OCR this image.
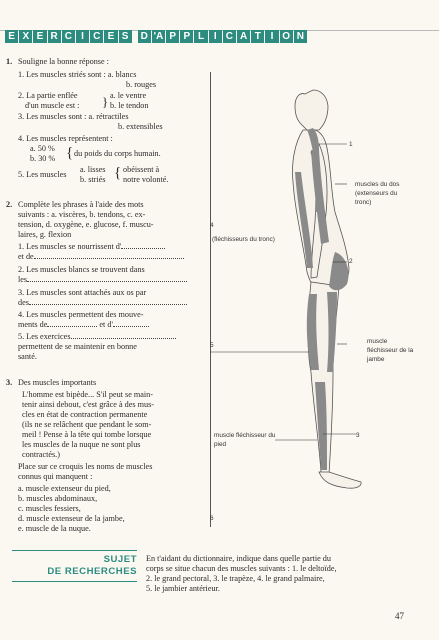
E X E R C I C E S	D 'A P P L I C A T I O N
1. Souligne la bonne réponse :
1. Les muscles striés sont : a. blancs
b. rouges
2. La partie enflée
d'un muscle est : } a. le ventre
b. le tendon
3. Les muscles sont : a. rétractiles
b. extensibles
4. Les muscles représentent :
a. 50 %
b. 30 % { du poids du corps humain.
5. Les muscles
a. lisses
b. striés { obéissent à
notre volonté.
2. Complète les phrases à l'aide des mots
suivants : a. viscères, b. tendons, c. ex-
tension, d. oxygène, e. glucose, f. muscu-
laires, g. flexion
1. Les muscles se nourrissent d'
et de
2. Les muscles blancs se trouvent dans
les
3. Les muscles sont attachés aux os par
des
4. Les muscles permettent des mouve-
ments de	et d'
5. Les exercices
permettent de se maintenir en bonne
santé.
3. Des muscles importants
L'homme est bipède... S'il peut se main-
tenir ainsi debout, c'est grâce à des mus-
cles en état de contraction permanente
(ils ne se relâchent que pendant le som-
meil ! Pense à la tête qui tombe lorsque
les muscles de la nuque ne sont plus
contractés.)
Place sur ce croquis les noms de muscles
connus qui manquent :
a. muscle extenseur du pied,
b. muscles abdominaux,
c. muscles fessiers,
d. muscle extenseur de la jambe,
e. muscle de la nuque.
1
2
3
4
5
6
muscles du dos
(extenseurs du
tronc)
(fléchisseurs du tronc)
muscle
fléchisseur de la
jambe
muscle fléchisseur du
pied
SUJET
DE RECHERCHES
En t'aidant du dictionnaire, indique dans quelle partie du
corps se situe chacun des muscles suivants : 1. le deltoïde,
2. le grand pectoral, 3. le trapèze, 4. le grand palmaire,
5. le jambier antérieur.
47
